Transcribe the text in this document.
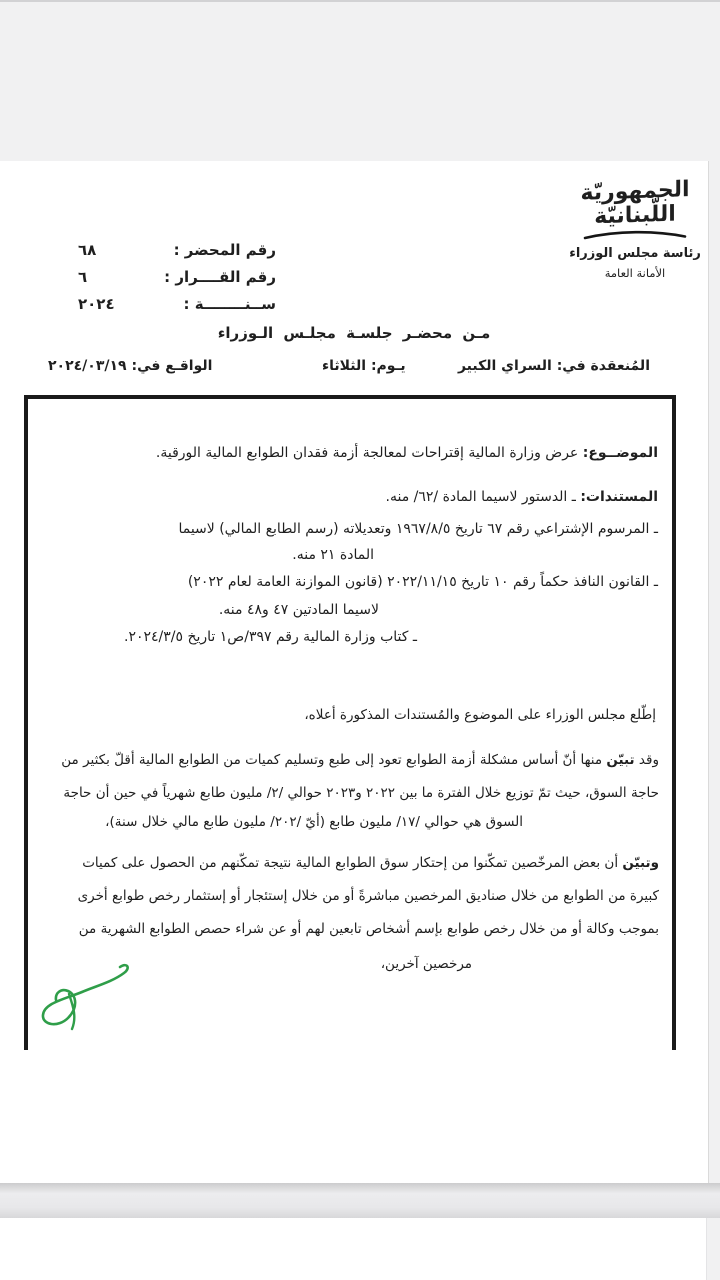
الجمهوريّة
اللّبنانيّة
رئاسة مجلس الوزراء
الأمانة العامة
رقم المحضر :
٦٨
رقم القــــرار :
٦
ســنــــــــة :
٢٠٢٤
مـن محضـر جلسـة مجلـس الـوزراء
المُنعقدة في: السراي الكبير
يـوم: الثلاثاء
الواقـع في: ٢٠٢٤/٠٣/١٩
الموضــوع: عرض وزارة المالية إقتراحات لمعالجة أزمة فقدان الطوابع المالية الورقية.
المستندات: ـ الدستور لاسيما المادة /٦٢/ منه.
ـ المرسوم الإشتراعي رقم ٦٧ تاريخ ١٩٦٧/٨/٥ وتعديلاته (رسم الطابع المالي) لاسيما
المادة ٢١ منه.
ـ القانون النافذ حكماً رقم ١٠ تاريخ ٢٠٢٢/١١/١٥ (قانون الموازنة العامة لعام ٢٠٢٢)
لاسيما المادتين ٤٧ و٤٨ منه.
ـ كتاب وزارة المالية رقم ٣٩٧/ص١ تاريخ ٢٠٢٤/٣/٥.
إطّلع مجلس الوزراء على الموضوع والمُستندات المذكورة أعلاه،
وقد تبيّن منها أنّ أساس مشكلة أزمة الطوابع تعود إلى طبع وتسليم كميات من الطوابع المالية أقلّ بكثير من
حاجة السوق، حيث تمّ توزيع خلال الفترة ما بين ٢٠٢٢ و٢٠٢٣ حوالي /٢/ مليون طابع شهرياً في حين أن حاجة
السوق هي حوالي /١٧/ مليون طابع (أيّ /٢٠٢/ مليون طابع مالي خلال سنة)،
وتبيّن أن بعض المرخّصين تمكّنوا من إحتكار سوق الطوابع المالية نتيجة تمكّنهم من الحصول على كميات
كبيرة من الطوابع من خلال صناديق المرخصين مباشرةً أو من خلال إستئجار أو إستثمار رخص طوابع أخرى
بموجب وكالة أو من خلال رخص طوابع بإسم أشخاص تابعين لهم أو عن شراء حصص الطوابع الشهرية من
مرخصين آخرين،
